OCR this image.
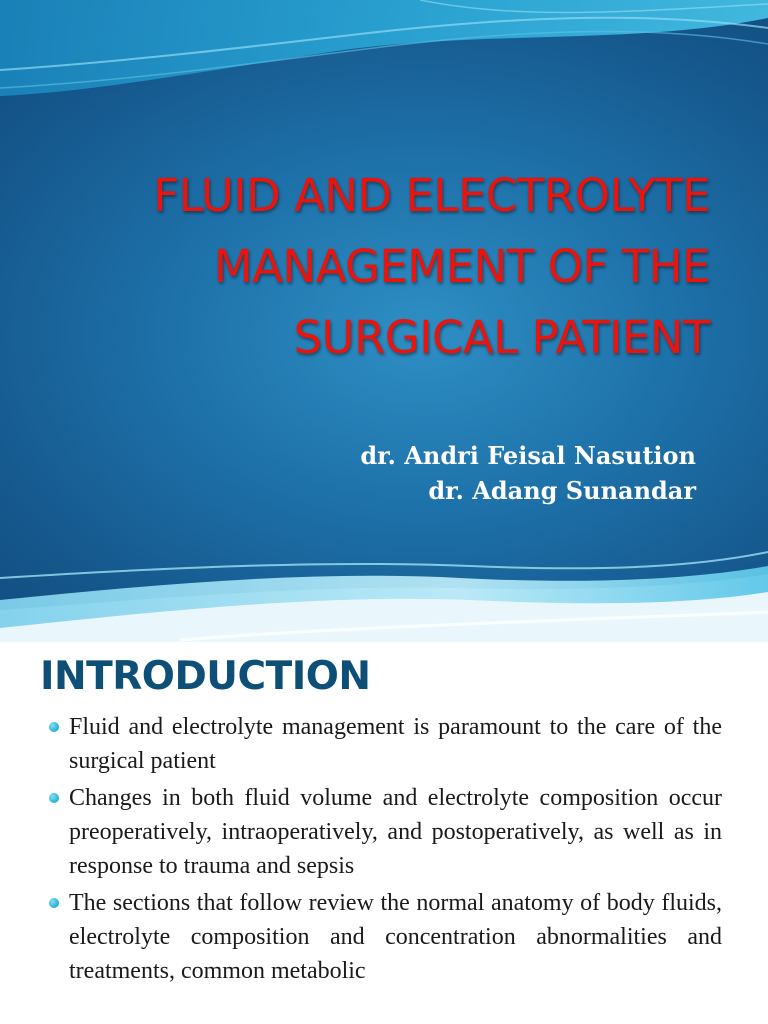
FLUID AND ELECTROLYTE
MANAGEMENT OF THE
SURGICAL PATIENT
dr. Andri Feisal Nasution
dr. Adang Sunandar
INTRODUCTION
Fluid and electrolyte management is paramount to the care of the surgical patient
Changes in both fluid volume and electrolyte composition occur preoperatively, intraoperatively, and postoperatively, as well as in response to trauma and sepsis
The sections that follow review the normal anatomy of body fluids, electrolyte composition and concentration abnormalities and treatments, common metabolic
